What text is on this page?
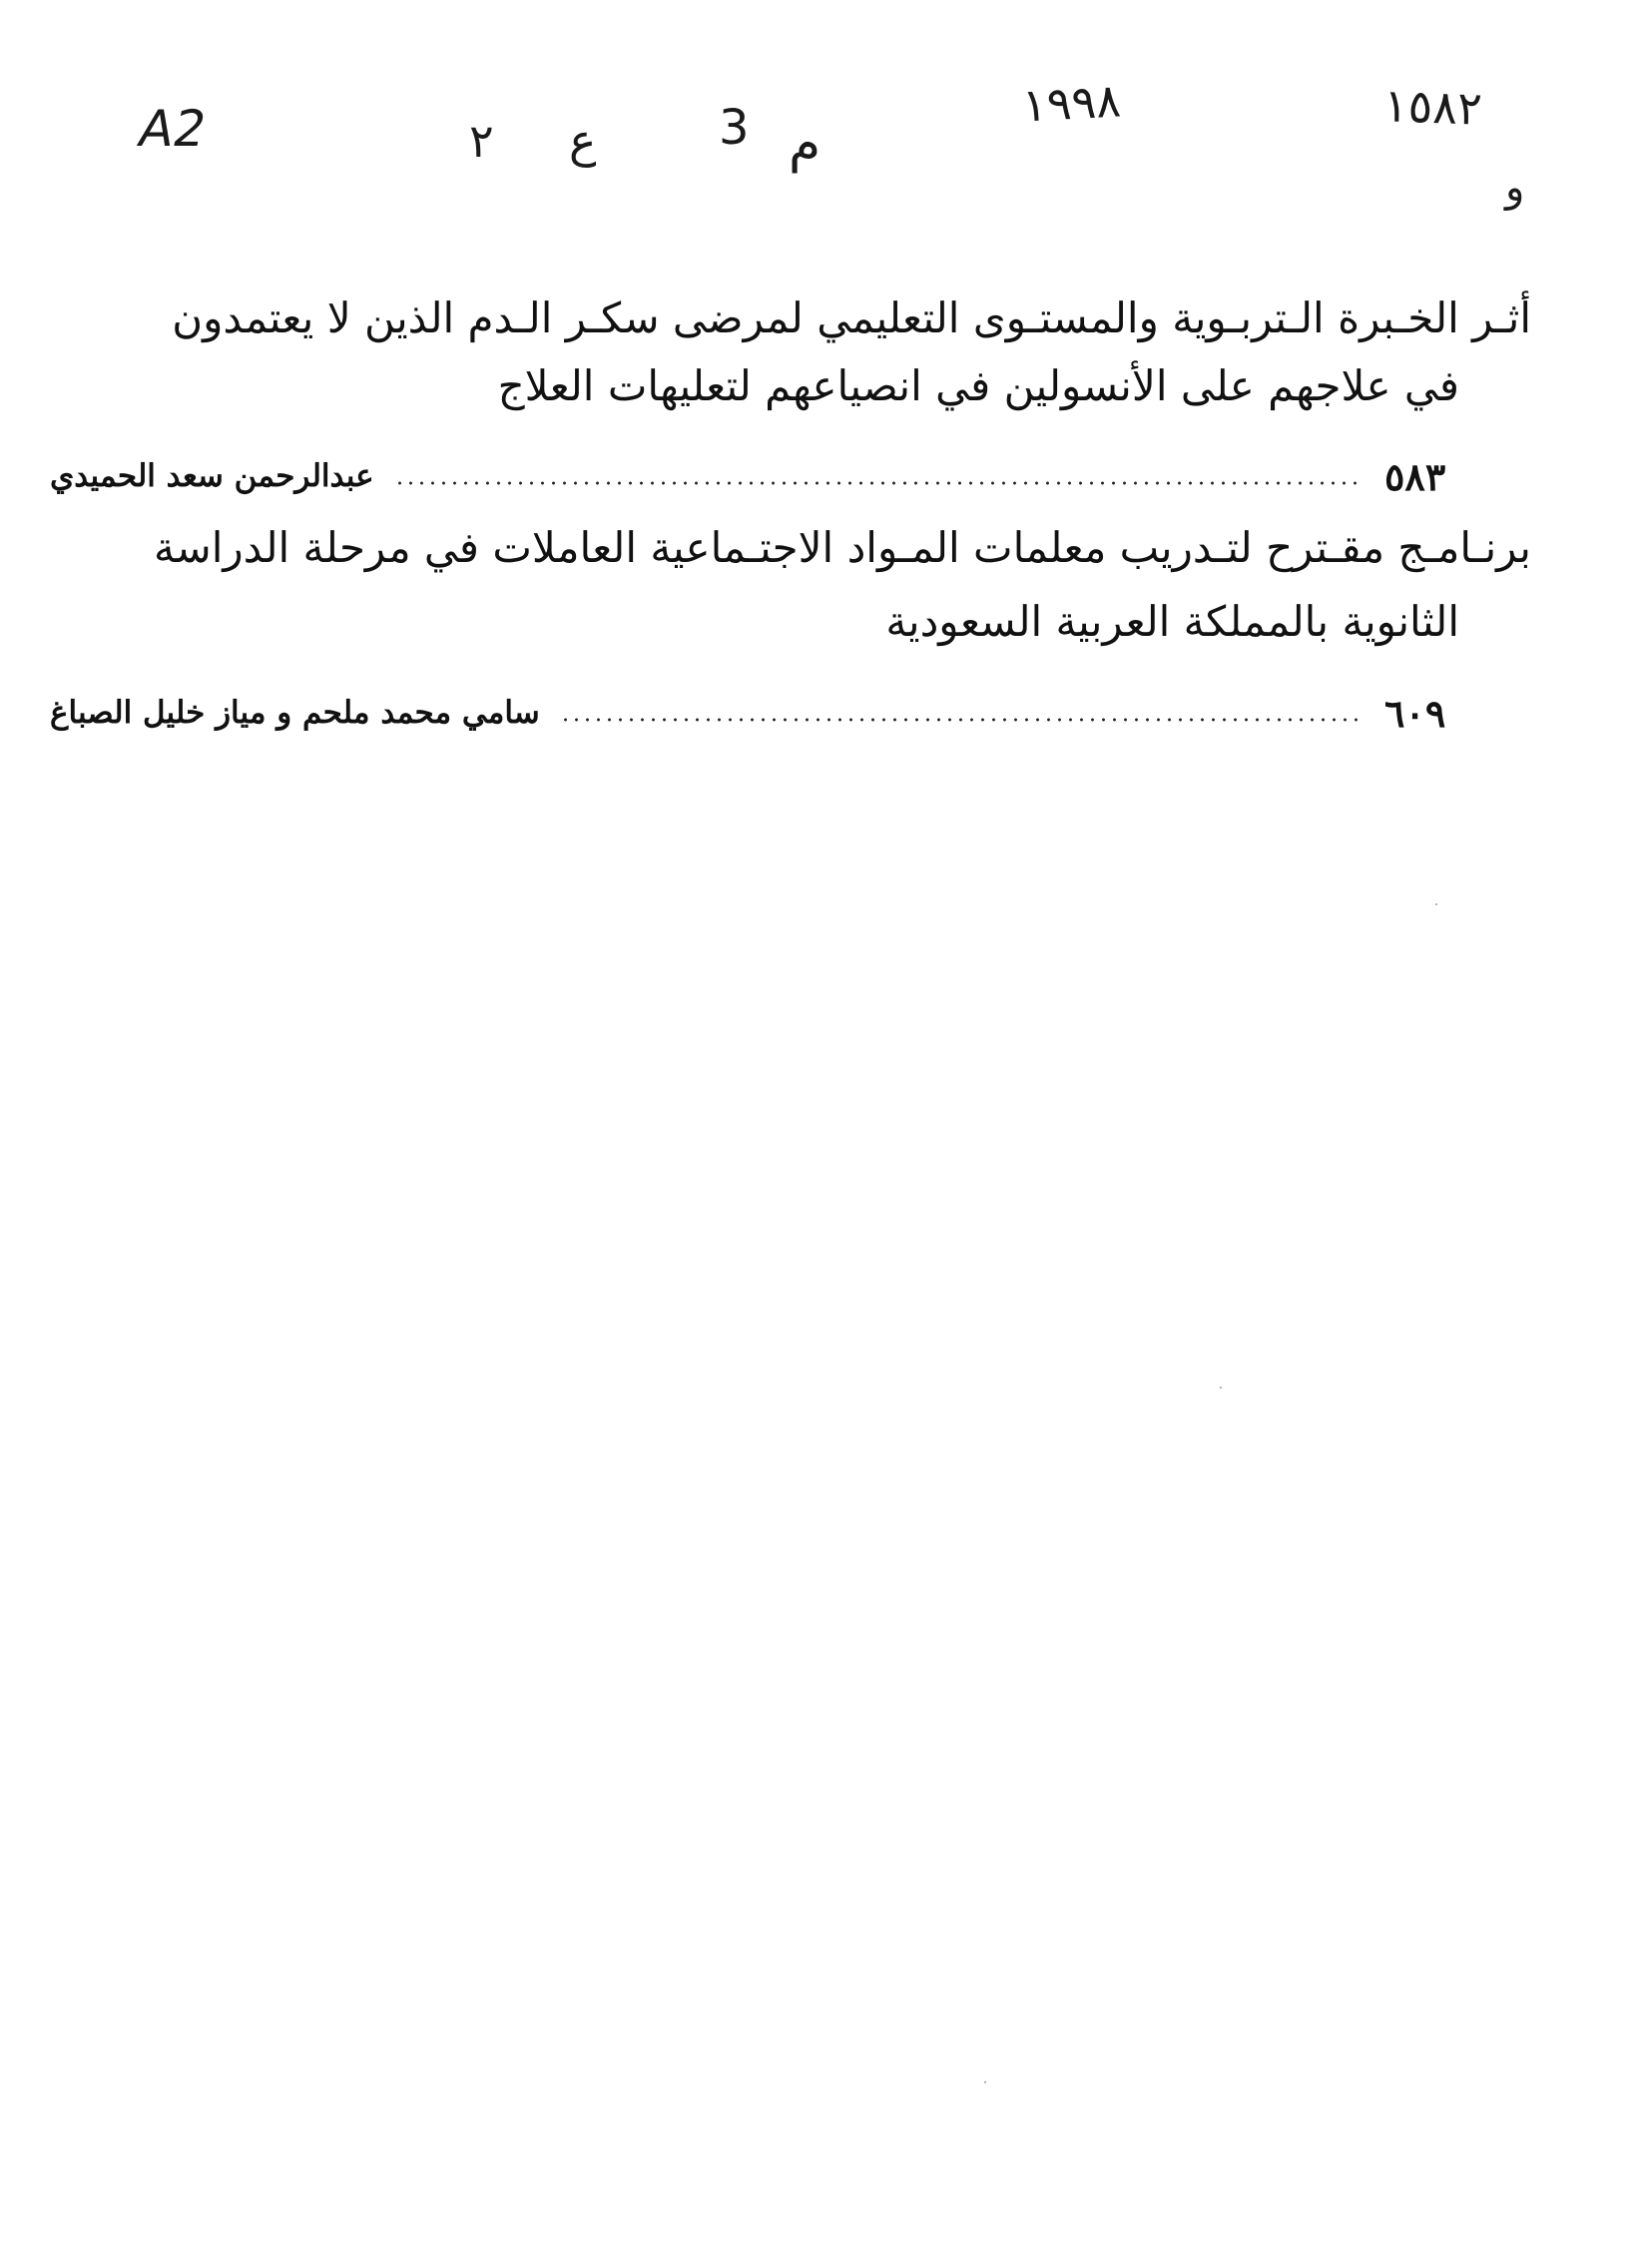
A2	٢ ع	3 م
١٩٩٨	١٥٨٢
و
أثـر الخـبرة الـتربـوية والمستـوى التعليمي لمرضى سكـر الـدم الذين لا يعتمدون
في علاجهم على الأنسولين في انصياعهم لتعليهات العلاج
عبدالرحمن سعد الحميدي	٥٨٣
برنـامـج مقـترح لتـدريب معلمات المـواد الاجتـماعية العاملات في مرحلة الدراسة
الثانوية بالمملكة العربية السعودية
سامي محمد ملحم و مياز خليل الصباغ	٦٠٩
